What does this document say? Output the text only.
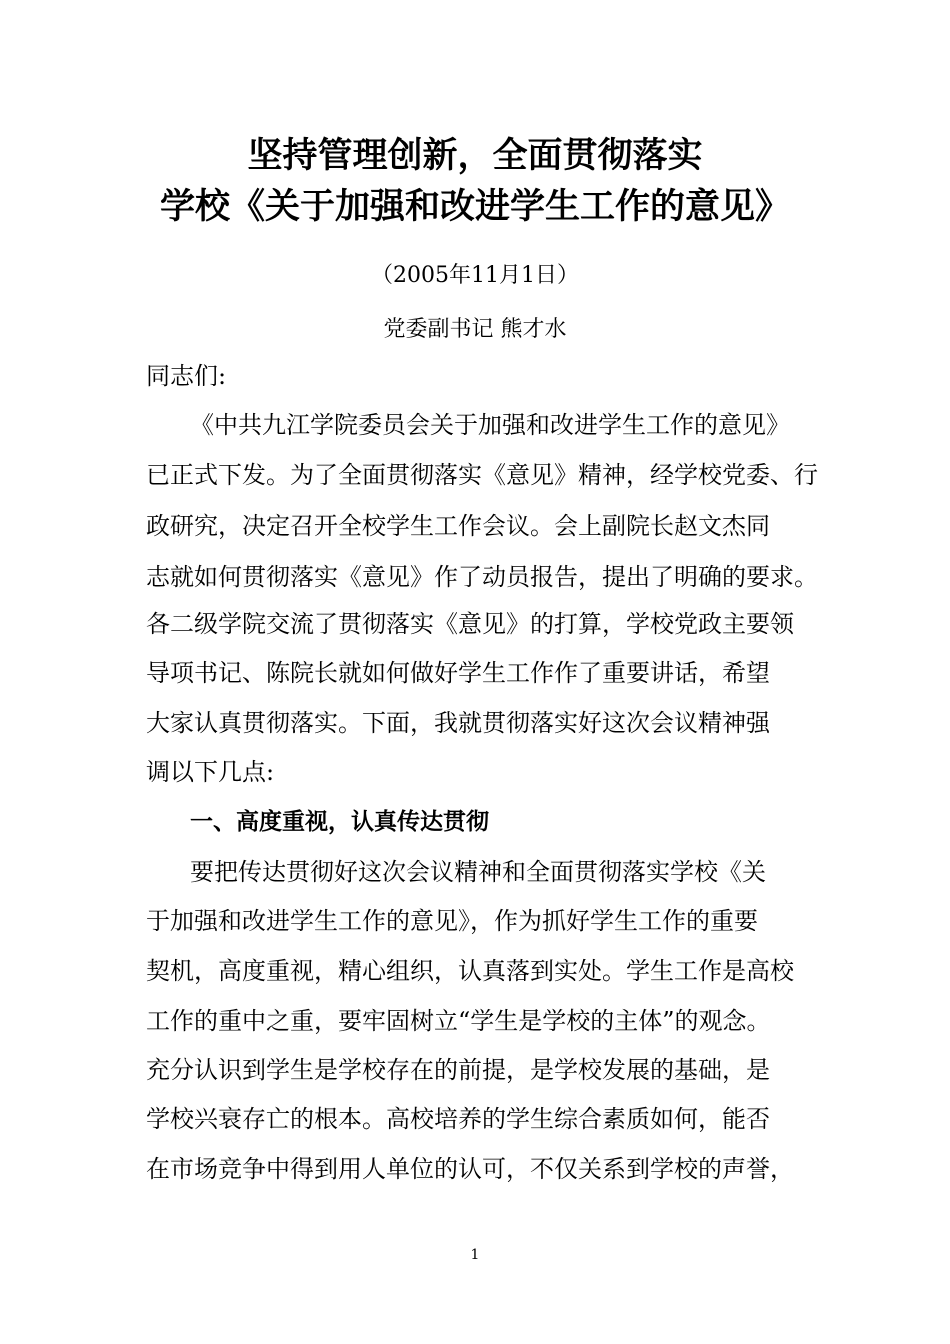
坚持管理创新，全面贯彻落实
学校《关于加强和改进学生工作的意见》
（2005年11月1日）
党委副书记 熊才水
同志们:
《中共九江学院委员会关于加强和改进学生工作的意见》
已正式下发。为了全面贯彻落实《意见》精神，经学校党委、行
政研究，决定召开全校学生工作会议。会上副院长赵文杰同
志就如何贯彻落实《意见》作了动员报告，提出了明确的要求。
各二级学院交流了贯彻落实《意见》的打算，学校党政主要领
导项书记、陈院长就如何做好学生工作作了重要讲话，希望
大家认真贯彻落实。下面，我就贯彻落实好这次会议精神强
调以下几点:
一、高度重视，认真传达贯彻
要把传达贯彻好这次会议精神和全面贯彻落实学校《关
于加强和改进学生工作的意见》，作为抓好学生工作的重要
契机，高度重视，精心组织，认真落到实处。学生工作是高校
工作的重中之重，要牢固树立“学生是学校的主体”的观念。
充分认识到学生是学校存在的前提，是学校发展的基础，是
学校兴衰存亡的根本。高校培养的学生综合素质如何，能否
在市场竞争中得到用人单位的认可，不仅关系到学校的声誉，
1
